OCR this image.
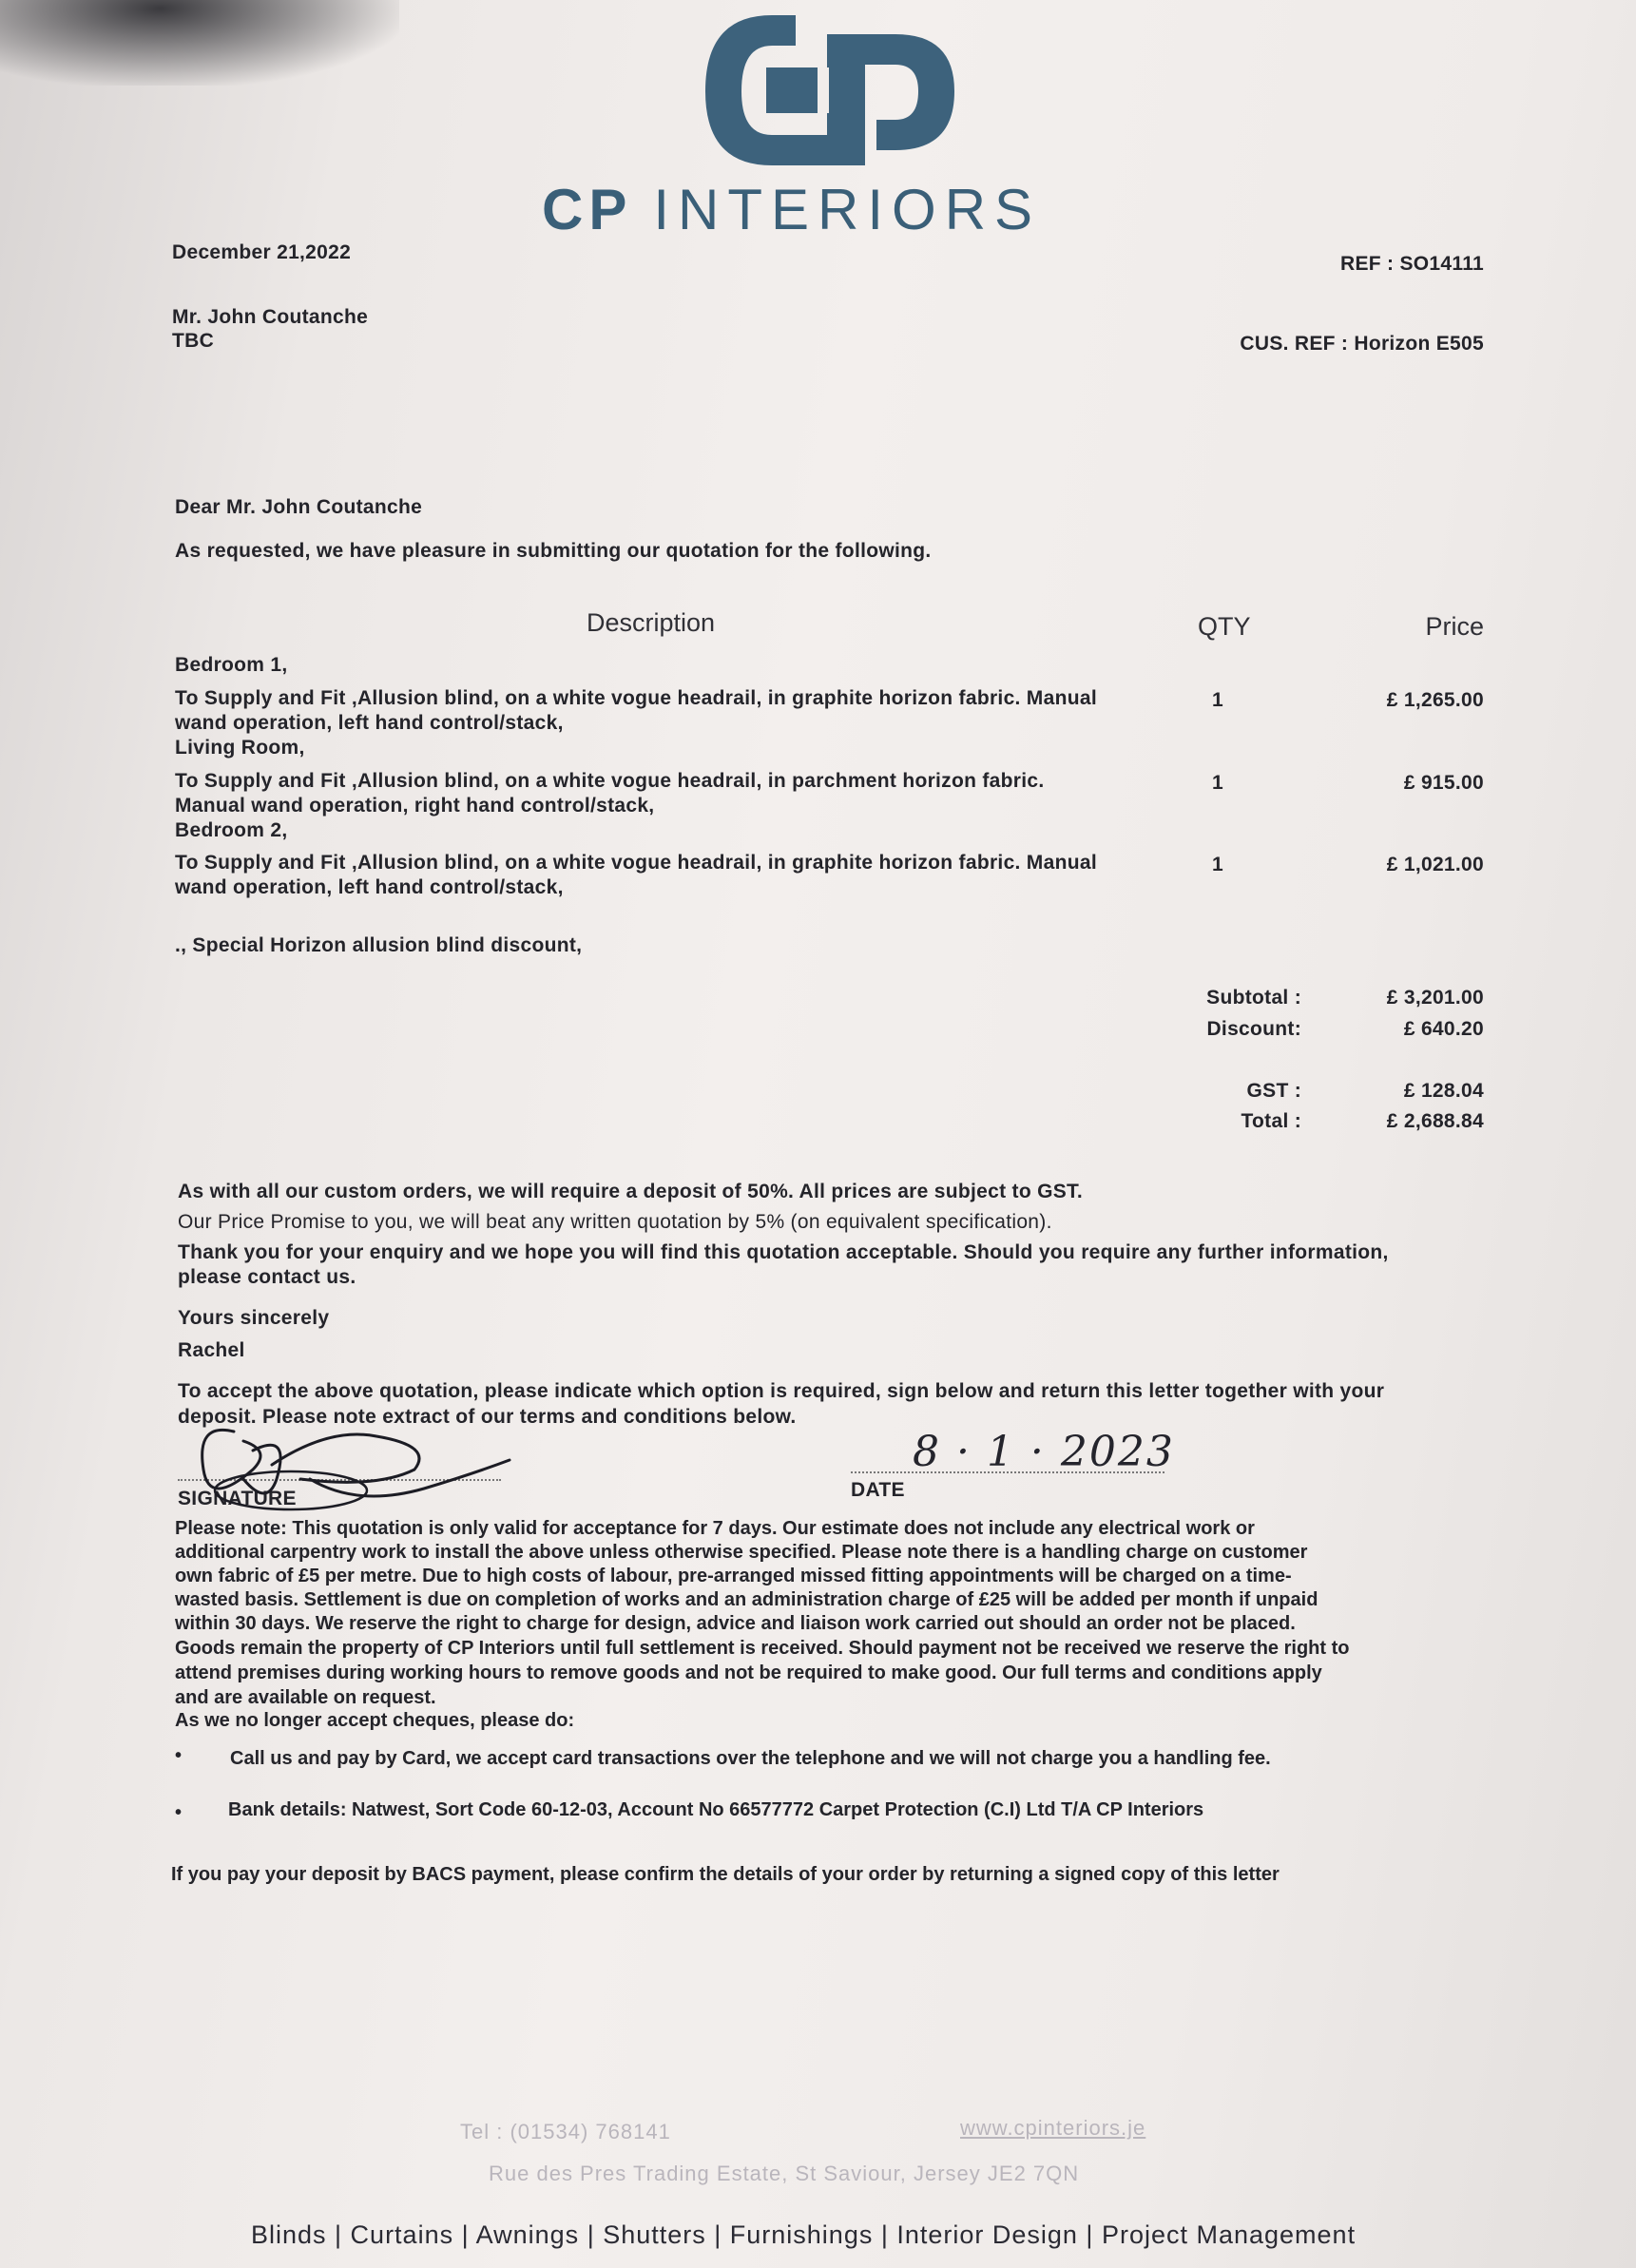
CP INTERIORS
December 21,2022
REF : SO14111
Mr. John Coutanche
TBC	CUS. REF : Horizon E505
Dear Mr. John Coutanche
As requested, we have pleasure in submitting our quotation for the following.
Description	QTY	Price
Bedroom 1,
To Supply and Fit ,Allusion blind, on a white vogue headrail, in graphite horizon fabric. Manual
wand operation, left hand control/stack,
1	£ 1,265.00
Living Room,
To Supply and Fit ,Allusion blind, on a white vogue headrail, in parchment horizon fabric.
Manual wand operation, right hand control/stack,
1	£ 915.00
Bedroom 2,
To Supply and Fit ,Allusion blind, on a white vogue headrail, in graphite horizon fabric. Manual
wand operation, left hand control/stack,
1	£ 1,021.00
., Special Horizon allusion blind discount,
Subtotal :	£ 3,201.00
Discount:	£ 640.20
GST :	£ 128.04
Total :	£ 2,688.84
As with all our custom orders, we will require a deposit of 50%. All prices are subject to GST.
Our Price Promise to you, we will beat any written quotation by 5% (on equivalent specification).
Thank you for your enquiry and we hope you will find this quotation acceptable. Should you require any further information,
please contact us.
Yours sincerely
Rachel
To accept the above quotation, please indicate which option is required, sign below and return this letter together with your
deposit. Please note extract of our terms and conditions below.
SIGNATURE	DATE
8 · 1 · 2023
Please note: This quotation is only valid for acceptance for 7 days. Our estimate does not include any electrical work or
additional carpentry work to install the above unless otherwise specified. Please note there is a handling charge on customer
own fabric of £5 per metre. Due to high costs of labour, pre-arranged missed fitting appointments will be charged on a time-
wasted basis. Settlement is due on completion of works and an administration charge of £25 will be added per month if unpaid
within 30 days. We reserve the right to charge for design, advice and liaison work carried out should an order not be placed.
Goods remain the property of CP Interiors until full settlement is received. Should payment not be received we reserve the right to
attend premises during working hours to remove goods and not be required to make good. Our full terms and conditions apply
and are available on request.
As we no longer accept cheques, please do:
•	Call us and pay by Card, we accept card transactions over the telephone and we will not charge you a handling fee.
• Bank details: Natwest, Sort Code 60-12-03, Account No 66577772 Carpet Protection (C.I) Ltd T/A CP Interiors
If you pay your deposit by BACS payment, please confirm the details of your order by returning a signed copy of this letter
Tel : (01534) 768141	www.cpinteriors.je
Rue des Pres Trading Estate, St Saviour, Jersey JE2 7QN
Blinds | Curtains | Awnings | Shutters | Furnishings | Interior Design | Project Management
